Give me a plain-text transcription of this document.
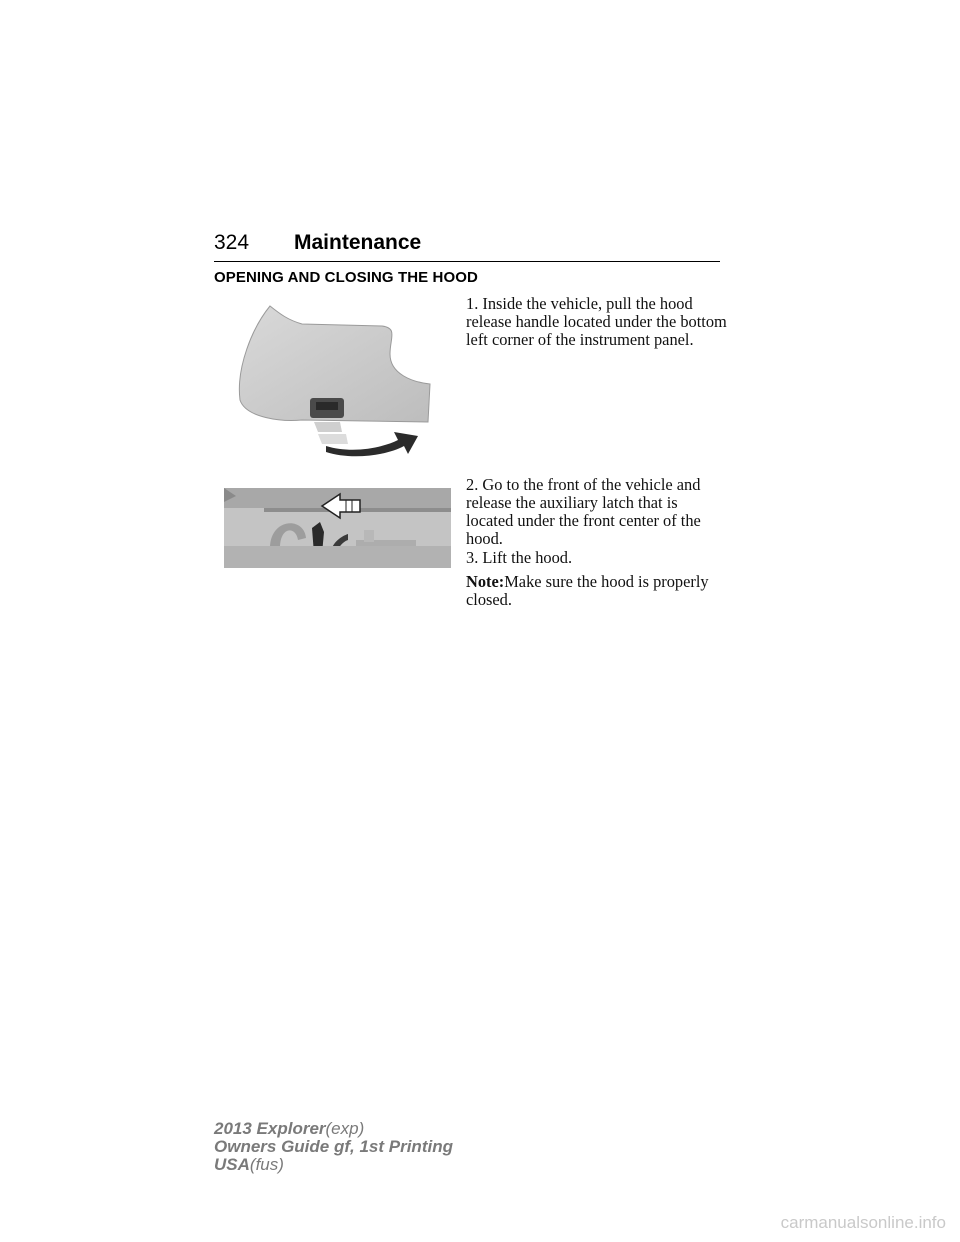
324 Maintenance
OPENING AND CLOSING THE HOOD

1. Inside the vehicle, pull the hood release handle located under the bottom left corner of the instrument panel.

2. Go to the front of the vehicle and release the auxiliary latch that is located under the front center of the hood.

3. Lift the hood.

Note:Make sure the hood is properly closed.

2013 Explorer(exp)
Owners Guide gf, 1st Printing
USA(fus)
carmanualsonline.info
